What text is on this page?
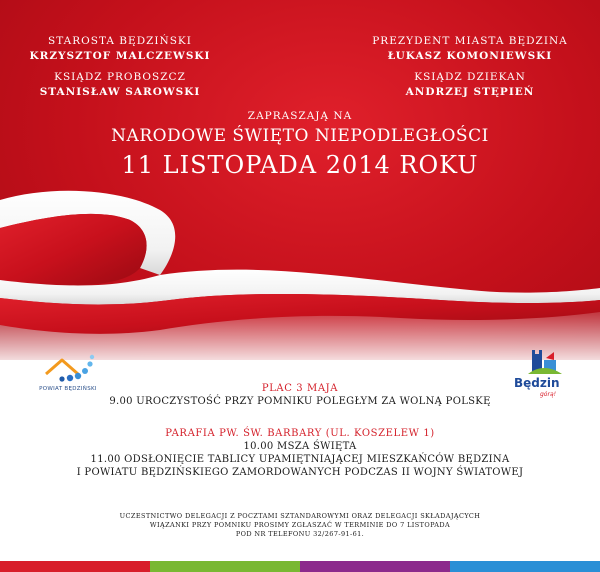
STAROSTA BĘDZIŃSKI
KRZYSZTOF MALCZEWSKI
KSIĄDZ PROBOSZCZ
STANISŁAW SAROWSKI
PREZYDENT MIASTA BĘDZINA
ŁUKASZ KOMONIEWSKI
KSIĄDZ DZIEKAN
ANDRZEJ STĘPIEŃ
ZAPRASZAJĄ NA
NARODOWE ŚWIĘTO NIEPODLEGŁOŚCI
11 LISTOPADA 2014 ROKU
POWIAT BĘDZIŃSKI	Będzin
górą!
PLAC 3 MAJA
9.00 UROCZYSTOŚĆ PRZY POMNIKU POLEGŁYM ZA WOLNĄ POLSKĘ
PARAFIA PW. ŚW. BARBARY (UL. KOSZELEW 1)
10.00 MSZA ŚWIĘTA
11.00 ODSŁONIĘCIE TABLICY UPAMIĘTNIAJĄCEJ MIESZKAŃCÓW BĘDZINA
I POWIATU BĘDZIŃSKIEGO ZAMORDOWANYCH PODCZAS II WOJNY ŚWIATOWEJ
UCZESTNICTWO DELEGACJI Z POCZTAMI SZTANDAROWYMI ORAZ DELEGACJI SKŁADAJĄCYCH
WIĄZANKI PRZY POMNIKU PROSIMY ZGŁASZAĆ W TERMINIE DO 7 LISTOPADA
POD NR TELEFONU 32/267-91-61.
